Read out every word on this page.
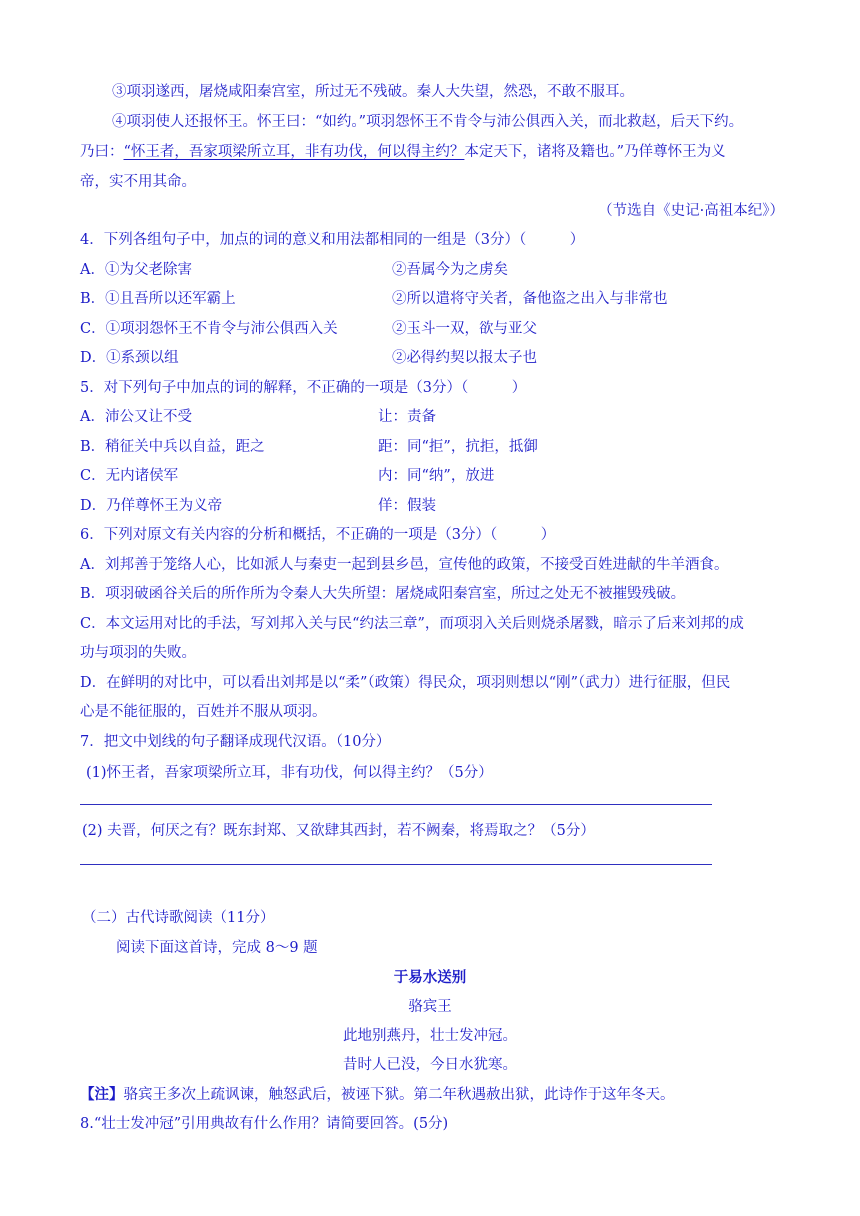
③项羽遂西，屠烧咸阳秦宫室，所过无不残破。秦人大失望，然恐，不敢不服耳。
④项羽使人还报怀王。怀王曰：“如约。”项羽怨怀王不肯令与沛公俱西入关，而北救赵，后天下约。
乃曰：“怀王者，吾家项梁所立耳，非有功伐，何以得主约？本定天下，诸将及籍也。”乃佯尊怀王为义
帝，实不用其命。
（节选自《史记·高祖本纪》）
4．下列各组句子中，加点的词的意义和用法都相同的一组是（3分）（　　　）
A．①为父老除害	②吾属今为之虏矣
B．①且吾所以还军霸上	②所以遣将守关者，备他盗之出入与非常也
C．①项羽怨怀王不肯令与沛公俱西入关	②玉斗一双，欲与亚父
D．①系颈以组	②必得约契以报太子也
5．对下列句子中加点的词的解释，不正确的一项是（3分）（　　　）
A．沛公又让不受	让：责备
B．稍征关中兵以自益，距之	距：同“拒”，抗拒，抵御
C．无内诸侯军	内：同“纳”，放进
D．乃佯尊怀王为义帝	佯：假装
6．下列对原文有关内容的分析和概括，不正确的一项是（3分）（　　　）
A．刘邦善于笼络人心，比如派人与秦吏一起到县乡邑，宣传他的政策，不接受百姓进献的牛羊酒食。
B．项羽破函谷关后的所作所为令秦人大失所望：屠烧咸阳秦宫室，所过之处无不被摧毁残破。
C．本文运用对比的手法，写刘邦入关与民“约法三章”，而项羽入关后则烧杀屠戮，暗示了后来刘邦的成
功与项羽的失败。
D．在鲜明的对比中，可以看出刘邦是以“柔”（政策）得民众，项羽则想以“刚”（武力）进行征服，但民
心是不能征服的，百姓并不服从项羽。
7．把文中划线的句子翻译成现代汉语。（10分）
(1)怀王者，吾家项梁所立耳，非有功伐，何以得主约？（5分）
(2) 夫晋，何厌之有？既东封郑、又欲肆其西封，若不阙秦，将焉取之？（5分）
（二）古代诗歌阅读（11分）
阅读下面这首诗，完成 8～9 题
于易水送别
骆宾王
此地别燕丹，壮士发冲冠。
昔时人已没，今日水犹寒。
【注】骆宾王多次上疏讽谏，触怒武后，被诬下狱。第二年秋遇赦出狱，此诗作于这年冬天。
8.“壮士发冲冠”引用典故有什么作用？请简要回答。(5分)
